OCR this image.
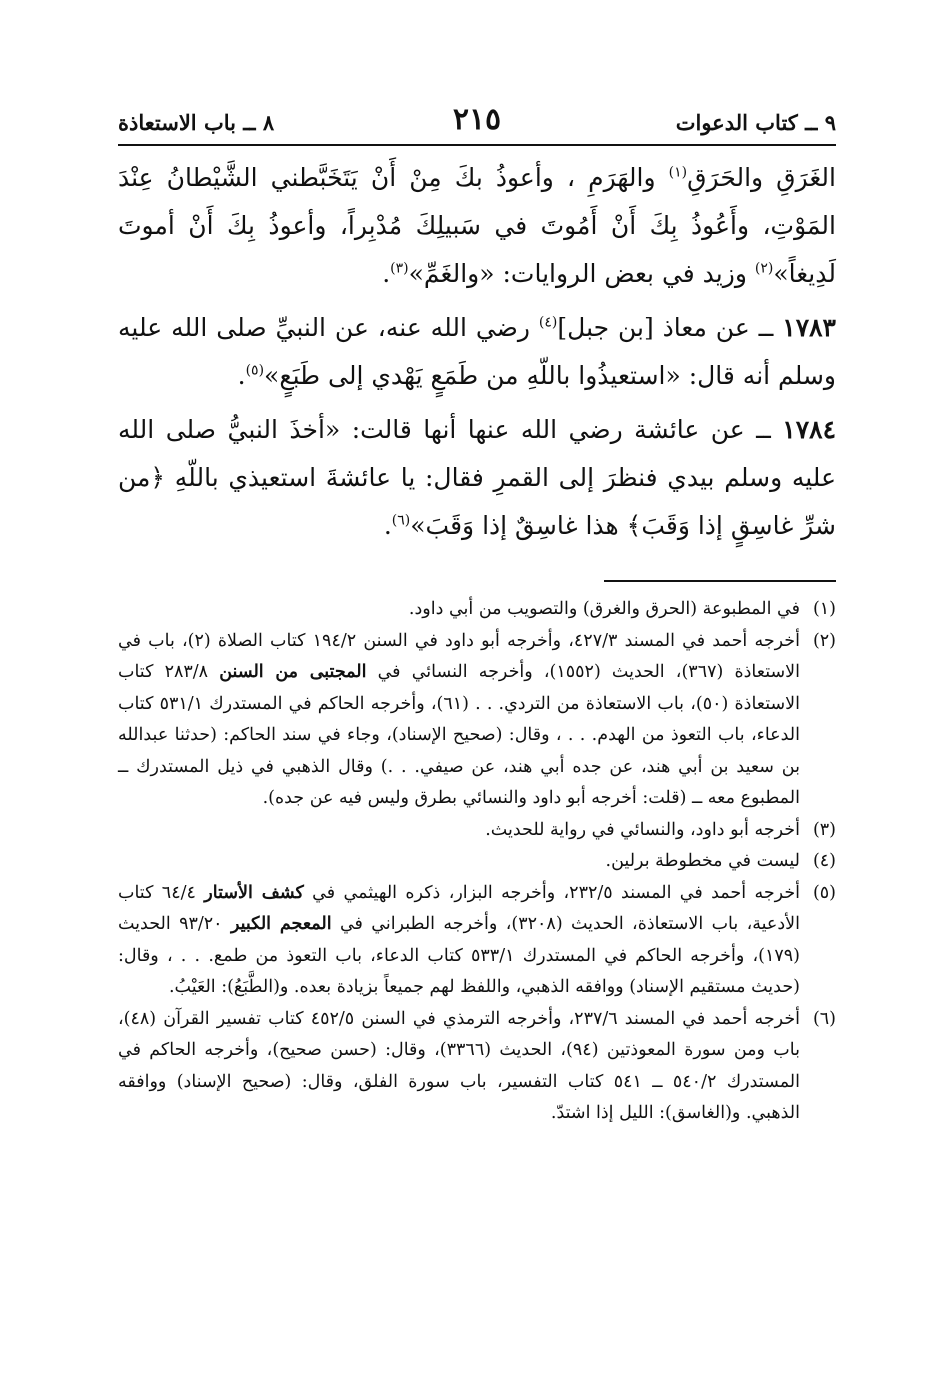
٩ ــ كتاب الدعوات
٢١٥
٨ ــ باب الاستعاذة

الغَرَقِ والحَرَقِ$^{(١)}$ والهَرَمِ ، وأعوذُ بكَ مِنْ أَنْ يَتَخَبَّطني الشَّيْطانُ عِنْدَ المَوْتِ، وأَعُوذُ بِكَ أَنْ أَمُوتَ في سَبيلِكَ مُدْبِراً، وأعوذُ بِكَ أَنْ أموتَ لَدِيغاً»$^{(٢)}$ وزيد في بعض الروايات: «والغَمِّ»$^{(٣)}$.

١٧٨٣ ــ عن معاذ [بن جبل]$^{(٤)}$ رضي الله عنه، عن النبيِّ صلى الله عليه وسلم أنه قال: «استعيذُوا باللّهِ من طَمَعٍ يَهْدي إلى طَبَعٍ»$^{(٥)}$.

١٧٨٤ ــ عن عائشة رضي الله عنها أنها قالت: «أخذَ النبيُّ صلى الله عليه وسلم بيدي فنظرَ إلى القمرِ فقال: يا عائشةَ استعيذي باللّهِ ﴿من شرِّ غاسِقٍ إذا وَقَبَ﴾ هذا غاسِقٌ إذا وَقَبَ»$^{(٦)}$.

(١)
في المطبوعة (الحرق والغرق) والتصويب من أبي داود.
(٢)
أخرجه أحمد في المسند ٤٢٧/٣، وأخرجه أبو داود في السنن ١٩٤/٢ كتاب الصلاة (٢)، باب في الاستعاذة (٣٦٧)، الحديث (١٥٥٢)، وأخرجه النسائي في المجتبى من السنن ٢٨٣/٨ كتاب الاستعاذة (٥٠)، باب الاستعاذة من التردي. . . (٦١)، وأخرجه الحاكم في المستدرك ٥٣١/١ كتاب الدعاء، باب التعوذ من الهدم. . . ، وقال: (صحيح الإسناد)، وجاء في سند الحاكم: (حدثنا عبدالله بن سعيد بن أبي هند، عن جده أبي هند، عن صيفي. . .) وقال الذهبي في ذيل المستدرك ــ المطبوع معه ــ (قلت: أخرجه أبو داود والنسائي بطرق وليس فيه عن جده).
(٣)
أخرجه أبو داود، والنسائي في رواية للحديث.
(٤)
ليست في مخطوطة برلين.
(٥)
أخرجه أحمد في المسند ٢٣٢/٥، وأخرجه البزار، ذكره الهيثمي في كشف الأستار ٦٤/٤ كتاب الأدعية، باب الاستعاذة، الحديث (٣٢٠٨)، وأخرجه الطبراني في المعجم الكبير ٩٣/٢٠ الحديث (١٧٩)، وأخرجه الحاكم في المستدرك ٥٣٣/١ كتاب الدعاء، باب التعوذ من طمع. . . ، وقال: (حديث مستقيم الإسناد) ووافقه الذهبي، واللفظ لهم جميعاً بزيادة بعده. و(الطَّبَعُ): العَيْبُ.
(٦)
أخرجه أحمد في المسند ٢٣٧/٦، وأخرجه الترمذي في السنن ٤٥٢/٥ كتاب تفسير القرآن (٤٨)، باب ومن سورة المعوذتين (٩٤)، الحديث (٣٣٦٦)، وقال: (حسن صحيح)، وأخرجه الحاكم في المستدرك ٥٤٠/٢ ــ ٥٤١ كتاب التفسير، باب سورة الفلق، وقال: (صحيح الإسناد) ووافقه الذهبي. و(الغاسق): الليل إذا اشتدّ.
